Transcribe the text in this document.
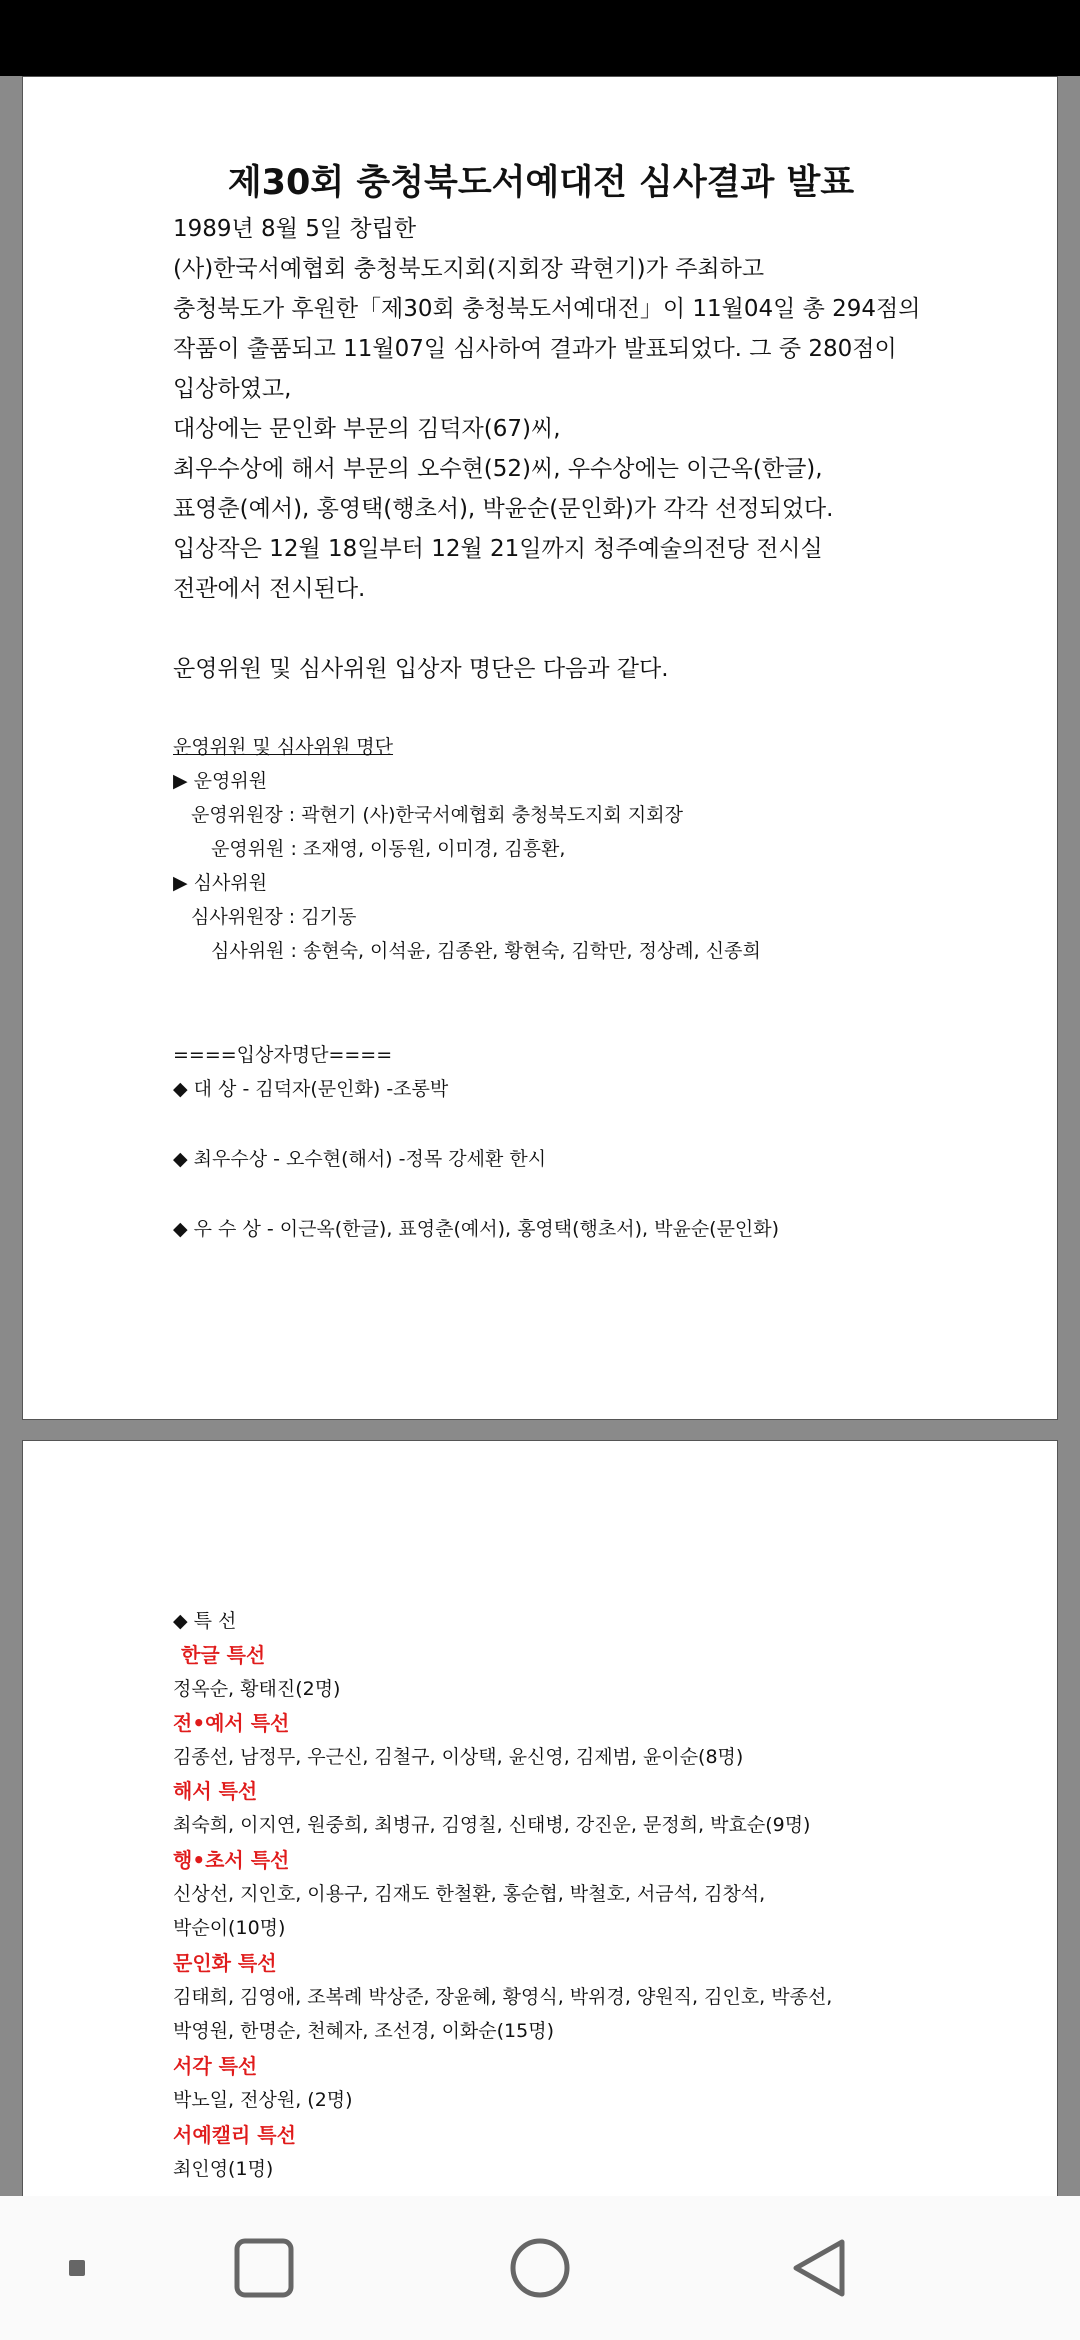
제30회 충청북도서예대전 심사결과 발표
1989년 8월 5일 창립한
(사)한국서예협회 충청북도지회(지회장 곽현기)가 주최하고
충청북도가 후원한「제30회 충청북도서예대전」이 11월04일 총 294점의
작품이 출품되고 11월07일 심사하여 결과가 발표되었다. 그 중 280점이
입상하였고,
대상에는 문인화 부문의 김덕자(67)씨,
최우수상에 해서 부문의 오수현(52)씨, 우수상에는 이근옥(한글),
표영춘(예서), 홍영택(행초서), 박윤순(문인화)가 각각 선정되었다.
입상작은 12월 18일부터 12월 21일까지 청주예술의전당 전시실
전관에서 전시된다.
운영위원 및 심사위원 입상자 명단은 다음과 같다.
운영위원 및 심사위원 명단
▶ 운영위원
운영위원장 : 곽현기 (사)한국서예협회 충청북도지회 지회장
운영위원 : 조재영, 이동원, 이미경, 김흥환,
▶ 심사위원
심사위원장 : 김기동
심사위원 : 송현숙, 이석윤, 김종완, 황현숙, 김학만, 정상례, 신종희
====입상자명단====
◆ 대 상 - 김덕자(문인화) -조롱박
◆ 최우수상 - 오수현(해서) -정목 강세환 한시
◆ 우 수 상 - 이근옥(한글), 표영춘(예서), 홍영택(행초서), 박윤순(문인화)
◆ 특 선
한글 특선
정옥순, 황태진(2명)
전•예서 특선
김종선, 남정무, 우근신, 김철구, 이상택, 윤신영, 김제범, 윤이순(8명)
해서 특선
최숙희, 이지연, 원중희, 최병규, 김영칠, 신태병, 강진운, 문정희, 박효순(9명)
행•초서 특선
신상선, 지인호, 이용구, 김재도 한철환, 홍순협, 박철호, 서금석, 김창석,
박순이(10명)
문인화 특선
김태희, 김영애, 조복례 박상준, 장윤혜, 황영식, 박위경, 양원직, 김인호, 박종선,
박영원, 한명순, 천혜자, 조선경, 이화순(15명)
서각 특선
박노일, 전상원, (2명)
서예캘리 특선
최인영(1명)
